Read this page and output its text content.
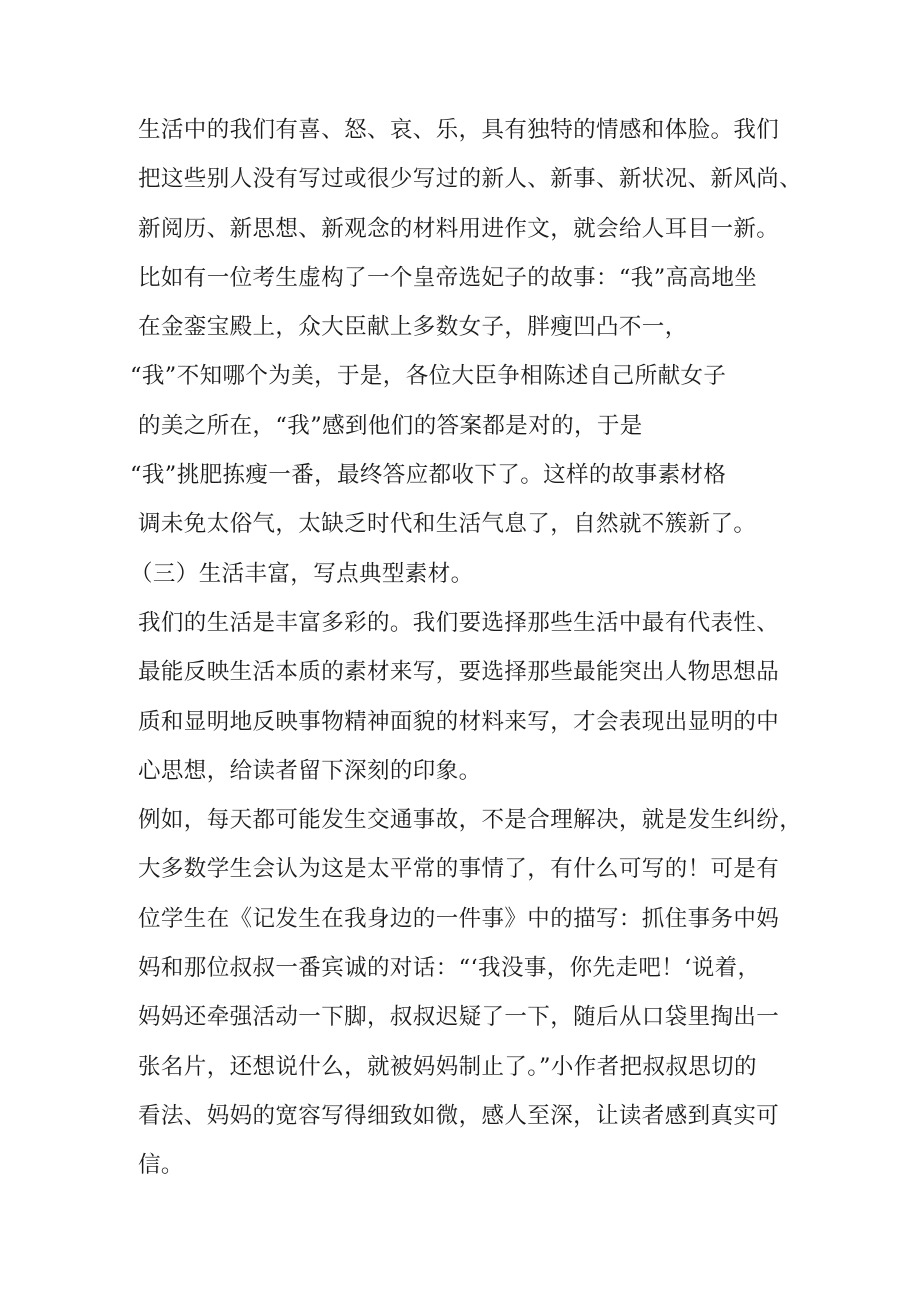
生活中的我们有喜、怒、哀、乐，具有独特的情感和体脸。我们
把这些别人没有写过或很少写过的新人、新事、新状况、新风尚、
新阅历、新思想、新观念的材料用进作文，就会给人耳目一新。
比如有一位考生虚构了一个皇帝选妃子的故事：“我”高高地坐
在金銮宝殿上，众大臣献上多数女子，胖瘦凹凸不一，
“我”不知哪个为美，于是，各位大臣争相陈述自己所献女子
的美之所在，“我”感到他们的答案都是对的，于是
“我”挑肥拣瘦一番，最终答应都收下了。这样的故事素材格
调未免太俗气，太缺乏时代和生活气息了，自然就不簇新了。
（三）生活丰富，写点典型素材。
我们的生活是丰富多彩的。我们要选择那些生活中最有代表性、
最能反映生活本质的素材来写，要选择那些最能突出人物思想品
质和显明地反映事物精神面貌的材料来写，才会表现出显明的中
心思想，给读者留下深刻的印象。
例如，每天都可能发生交通事故，不是合理解决，就是发生纠纷，
大多数学生会认为这是太平常的事情了，有什么可写的！可是有
位学生在《记发生在我身边的一件事》中的描写：抓住事务中妈
妈和那位叔叔一番宾诚的对话：“‘我没事，你先走吧！‘说着，
妈妈还牵强活动一下脚，叔叔迟疑了一下，随后从口袋里掏出一
张名片，还想说什么，就被妈妈制止了。”小作者把叔叔思切的
看法、妈妈的宽容写得细致如微，感人至深，让读者感到真实可
信。
